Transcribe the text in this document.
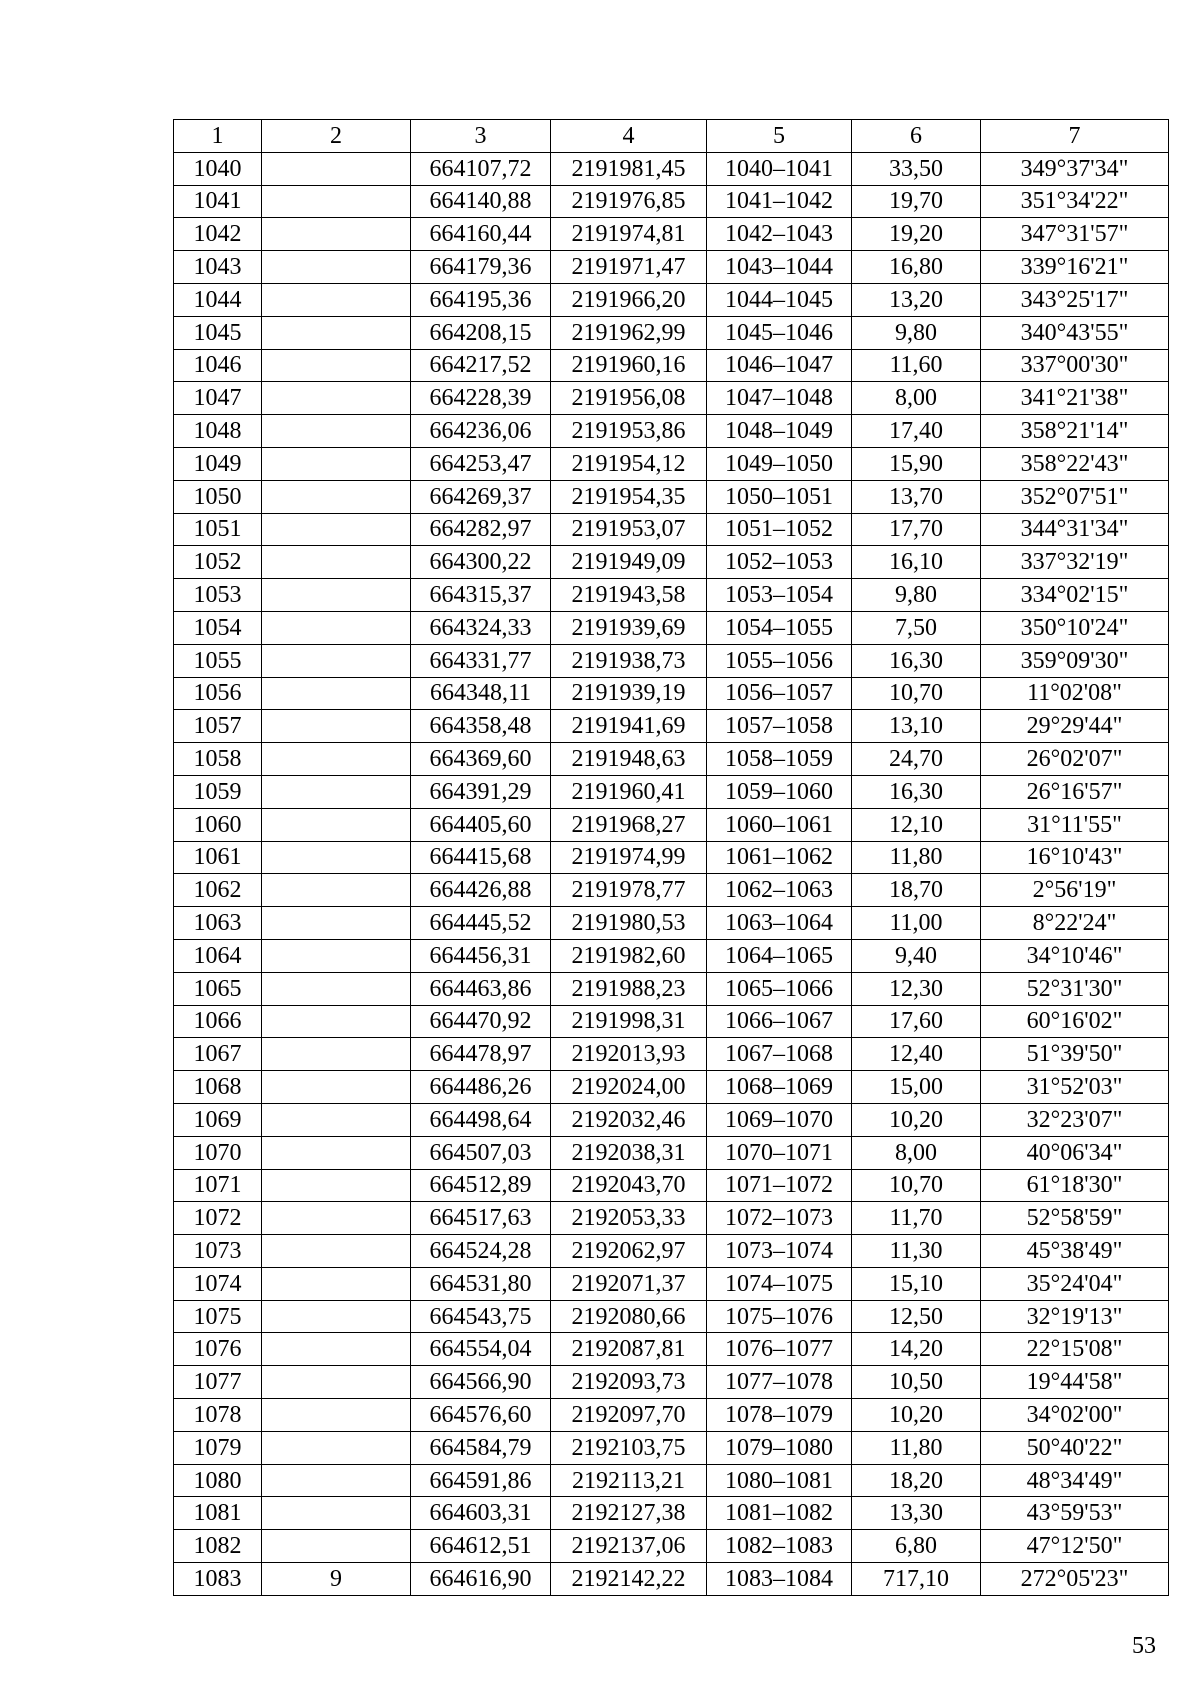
1	2	3	4	5	6	7
1040		664107,72	2191981,45	1040–1041	33,50	349°37'34"
1041		664140,88	2191976,85	1041–1042	19,70	351°34'22"
1042		664160,44	2191974,81	1042–1043	19,20	347°31'57"
1043		664179,36	2191971,47	1043–1044	16,80	339°16'21"
1044		664195,36	2191966,20	1044–1045	13,20	343°25'17"
1045		664208,15	2191962,99	1045–1046	9,80	340°43'55"
1046		664217,52	2191960,16	1046–1047	11,60	337°00'30"
1047		664228,39	2191956,08	1047–1048	8,00	341°21'38"
1048		664236,06	2191953,86	1048–1049	17,40	358°21'14"
1049		664253,47	2191954,12	1049–1050	15,90	358°22'43"
1050		664269,37	2191954,35	1050–1051	13,70	352°07'51"
1051		664282,97	2191953,07	1051–1052	17,70	344°31'34"
1052		664300,22	2191949,09	1052–1053	16,10	337°32'19"
1053		664315,37	2191943,58	1053–1054	9,80	334°02'15"
1054		664324,33	2191939,69	1054–1055	7,50	350°10'24"
1055		664331,77	2191938,73	1055–1056	16,30	359°09'30"
1056		664348,11	2191939,19	1056–1057	10,70	11°02'08"
1057		664358,48	2191941,69	1057–1058	13,10	29°29'44"
1058		664369,60	2191948,63	1058–1059	24,70	26°02'07"
1059		664391,29	2191960,41	1059–1060	16,30	26°16'57"
1060		664405,60	2191968,27	1060–1061	12,10	31°11'55"
1061		664415,68	2191974,99	1061–1062	11,80	16°10'43"
1062		664426,88	2191978,77	1062–1063	18,70	2°56'19"
1063		664445,52	2191980,53	1063–1064	11,00	8°22'24"
1064		664456,31	2191982,60	1064–1065	9,40	34°10'46"
1065		664463,86	2191988,23	1065–1066	12,30	52°31'30"
1066		664470,92	2191998,31	1066–1067	17,60	60°16'02"
1067		664478,97	2192013,93	1067–1068	12,40	51°39'50"
1068		664486,26	2192024,00	1068–1069	15,00	31°52'03"
1069		664498,64	2192032,46	1069–1070	10,20	32°23'07"
1070		664507,03	2192038,31	1070–1071	8,00	40°06'34"
1071		664512,89	2192043,70	1071–1072	10,70	61°18'30"
1072		664517,63	2192053,33	1072–1073	11,70	52°58'59"
1073		664524,28	2192062,97	1073–1074	11,30	45°38'49"
1074		664531,80	2192071,37	1074–1075	15,10	35°24'04"
1075		664543,75	2192080,66	1075–1076	12,50	32°19'13"
1076		664554,04	2192087,81	1076–1077	14,20	22°15'08"
1077		664566,90	2192093,73	1077–1078	10,50	19°44'58"
1078		664576,60	2192097,70	1078–1079	10,20	34°02'00"
1079		664584,79	2192103,75	1079–1080	11,80	50°40'22"
1080		664591,86	2192113,21	1080–1081	18,20	48°34'49"
1081		664603,31	2192127,38	1081–1082	13,30	43°59'53"
1082		664612,51	2192137,06	1082–1083	6,80	47°12'50"
1083	9	664616,90	2192142,22	1083–1084	717,10	272°05'23"
53
